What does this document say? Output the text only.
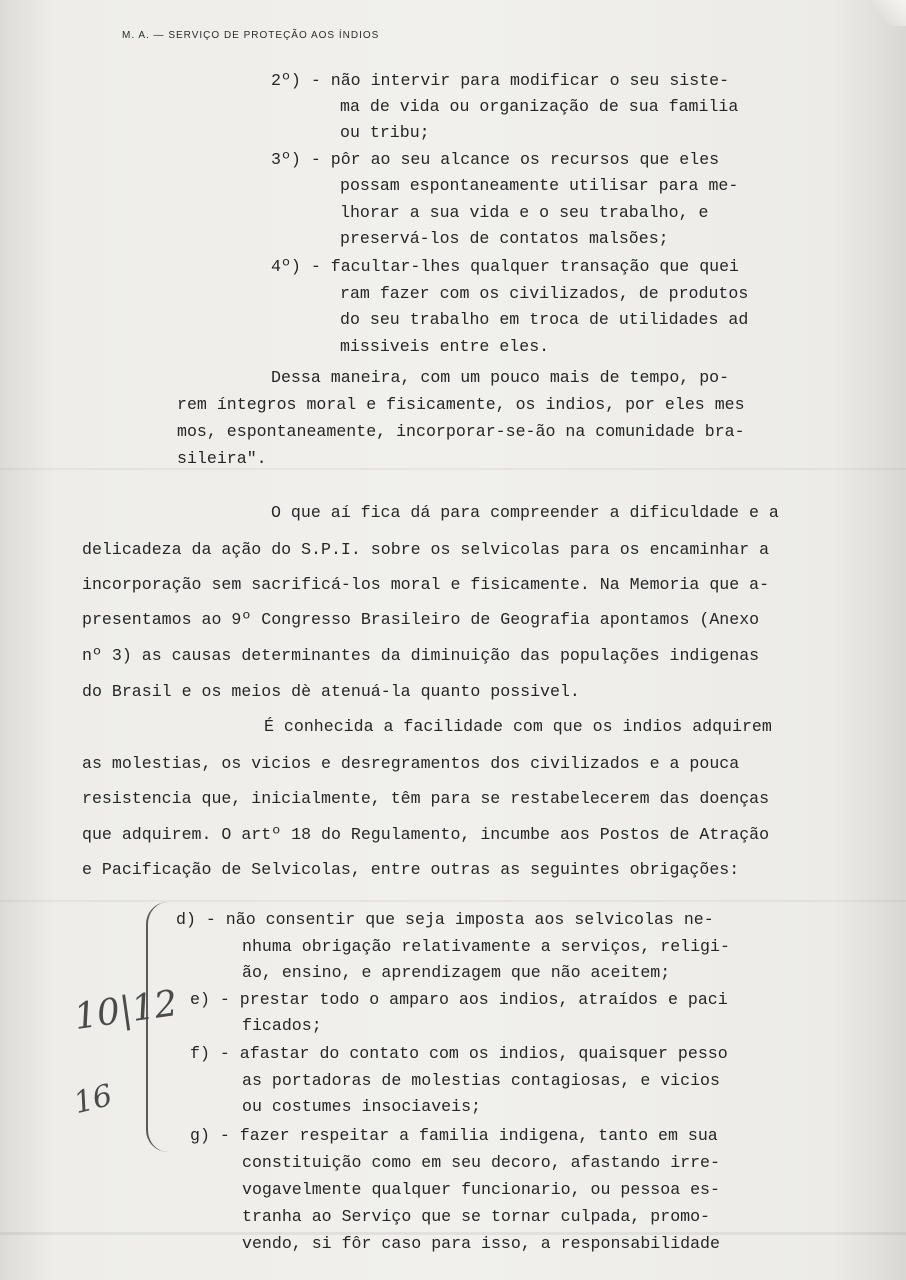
M. A. — SERVIÇO DE PROTEÇÃO AOS ÍNDIOS
2º) - não intervir para modificar o seu siste-
ma de vida ou organização de sua familia
ou tribu;
3º) - pôr ao seu alcance os recursos que eles
possam espontaneamente utilisar para me-
lhorar a sua vida e o seu trabalho, e
preservá-los de contatos malsões;
4º) - facultar-lhes qualquer transação que quei
ram fazer com os civilizados, de produtos
do seu trabalho em troca de utilidades ad
missiveis entre eles.
Dessa maneira, com um pouco mais de tempo, po-
rem íntegros moral e fisicamente, os indios, por eles mes
mos, espontaneamente, incorporar-se-ão na comunidade bra-
sileira".
O que aí fica dá para compreender a dificuldade e a
delicadeza da ação do S.P.I. sobre os selvicolas para os encaminhar a
incorporação sem sacrificá-los moral e fisicamente. Na Memoria que a-
presentamos ao 9º Congresso Brasileiro de Geografia apontamos (Anexo
nº 3) as causas determinantes da diminuição das populações indigenas
do Brasil e os meios dè atenuá-la quanto possivel.
É conhecida a facilidade com que os indios adquirem
as molestias, os vicios e desregramentos dos civilizados e a pouca
resistencia que, inicialmente, têm para se restabelecerem das doenças
que adquirem. O artº 18 do Regulamento, incumbe aos Postos de Atração
e Pacificação de Selvicolas, entre outras as seguintes obrigações:
d) - não consentir que seja imposta aos selvicolas ne-
nhuma obrigação relativamente a serviços, religi-
ão, ensino, e aprendizagem que não aceitem;
e) - prestar todo o amparo aos indios, atraídos e paci
ficados;
f) - afastar do contato com os indios, quaisquer pesso
as portadoras de molestias contagiosas, e vicios
ou costumes insociaveis;
g) - fazer respeitar a familia indigena, tanto em sua
constituição como em seu decoro, afastando irre-
vogavelmente qualquer funcionario, ou pessoa es-
tranha ao Serviço que se tornar culpada, promo-
vendo, si fôr caso para isso, a responsabilidade
10|12
16
